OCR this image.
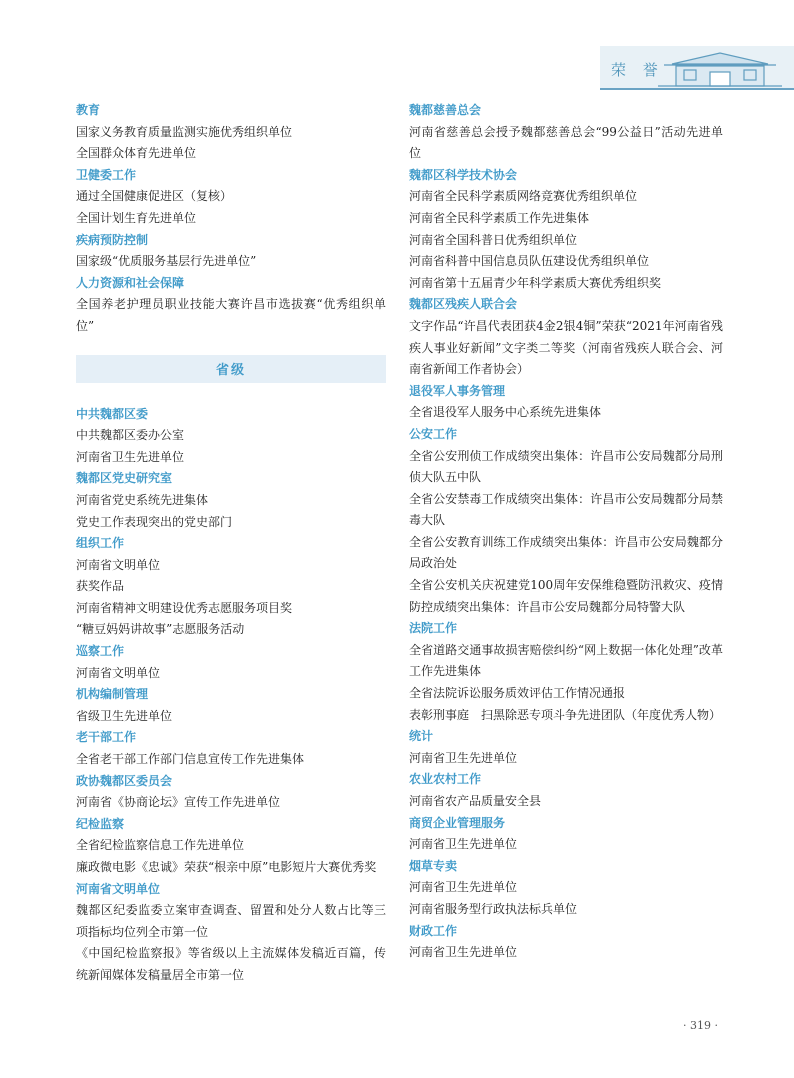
荣 誉
教育
国家义务教育质量监测实施优秀组织单位
全国群众体育先进单位
卫健委工作
通过全国健康促进区（复核）
全国计划生育先进单位
疾病预防控制
国家级“优质服务基层行先进单位”
人力资源和社会保障
全国养老护理员职业技能大赛许昌市选拔赛“优秀组织单位”
省级
中共魏都区委
中共魏都区委办公室
河南省卫生先进单位
魏都区党史研究室
河南省党史系统先进集体
党史工作表现突出的党史部门
组织工作
河南省文明单位
获奖作品
河南省精神文明建设优秀志愿服务项目奖
“糖豆妈妈讲故事”志愿服务活动
巡察工作
河南省文明单位
机构编制管理
省级卫生先进单位
老干部工作
全省老干部工作部门信息宣传工作先进集体
政协魏都区委员会
河南省《协商论坛》宣传工作先进单位
纪检监察
全省纪检监察信息工作先进单位
廉政微电影《忠诚》荣获“根亲中原”电影短片大赛优秀奖
河南省文明单位
魏都区纪委监委立案审查调查、留置和处分人数占比等三项指标均位列全市第一位
《中国纪检监察报》等省级以上主流媒体发稿近百篇，传统新闻媒体发稿量居全市第一位
魏都慈善总会
河南省慈善总会授予魏都慈善总会“99公益日”活动先进单位
魏都区科学技术协会
河南省全民科学素质网络竞赛优秀组织单位
河南省全民科学素质工作先进集体
河南省全国科普日优秀组织单位
河南省科普中国信息员队伍建设优秀组织单位
河南省第十五届青少年科学素质大赛优秀组织奖
魏都区残疾人联合会
文字作品“许昌代表团获4金2银4铜”荣获“2021年河南省残疾人事业好新闻”文字类二等奖（河南省残疾人联合会、河南省新闻工作者协会）
退役军人事务管理
全省退役军人服务中心系统先进集体
公安工作
全省公安刑侦工作成绩突出集体：许昌市公安局魏都分局刑侦大队五中队
全省公安禁毒工作成绩突出集体：许昌市公安局魏都分局禁毒大队
全省公安教育训练工作成绩突出集体：许昌市公安局魏都分局政治处
全省公安机关庆祝建党100周年安保维稳暨防汛救灾、疫情防控成绩突出集体：许昌市公安局魏都分局特警大队
法院工作
全省道路交通事故损害赔偿纠纷“网上数据一体化处理”改革工作先进集体
全省法院诉讼服务质效评估工作情况通报
表彰刑事庭　扫黑除恶专项斗争先进团队（年度优秀人物）
统计
河南省卫生先进单位
农业农村工作
河南省农产品质量安全县
商贸企业管理服务
河南省卫生先进单位
烟草专卖
河南省卫生先进单位
河南省服务型行政执法标兵单位
财政工作
河南省卫生先进单位
· 319 ·
